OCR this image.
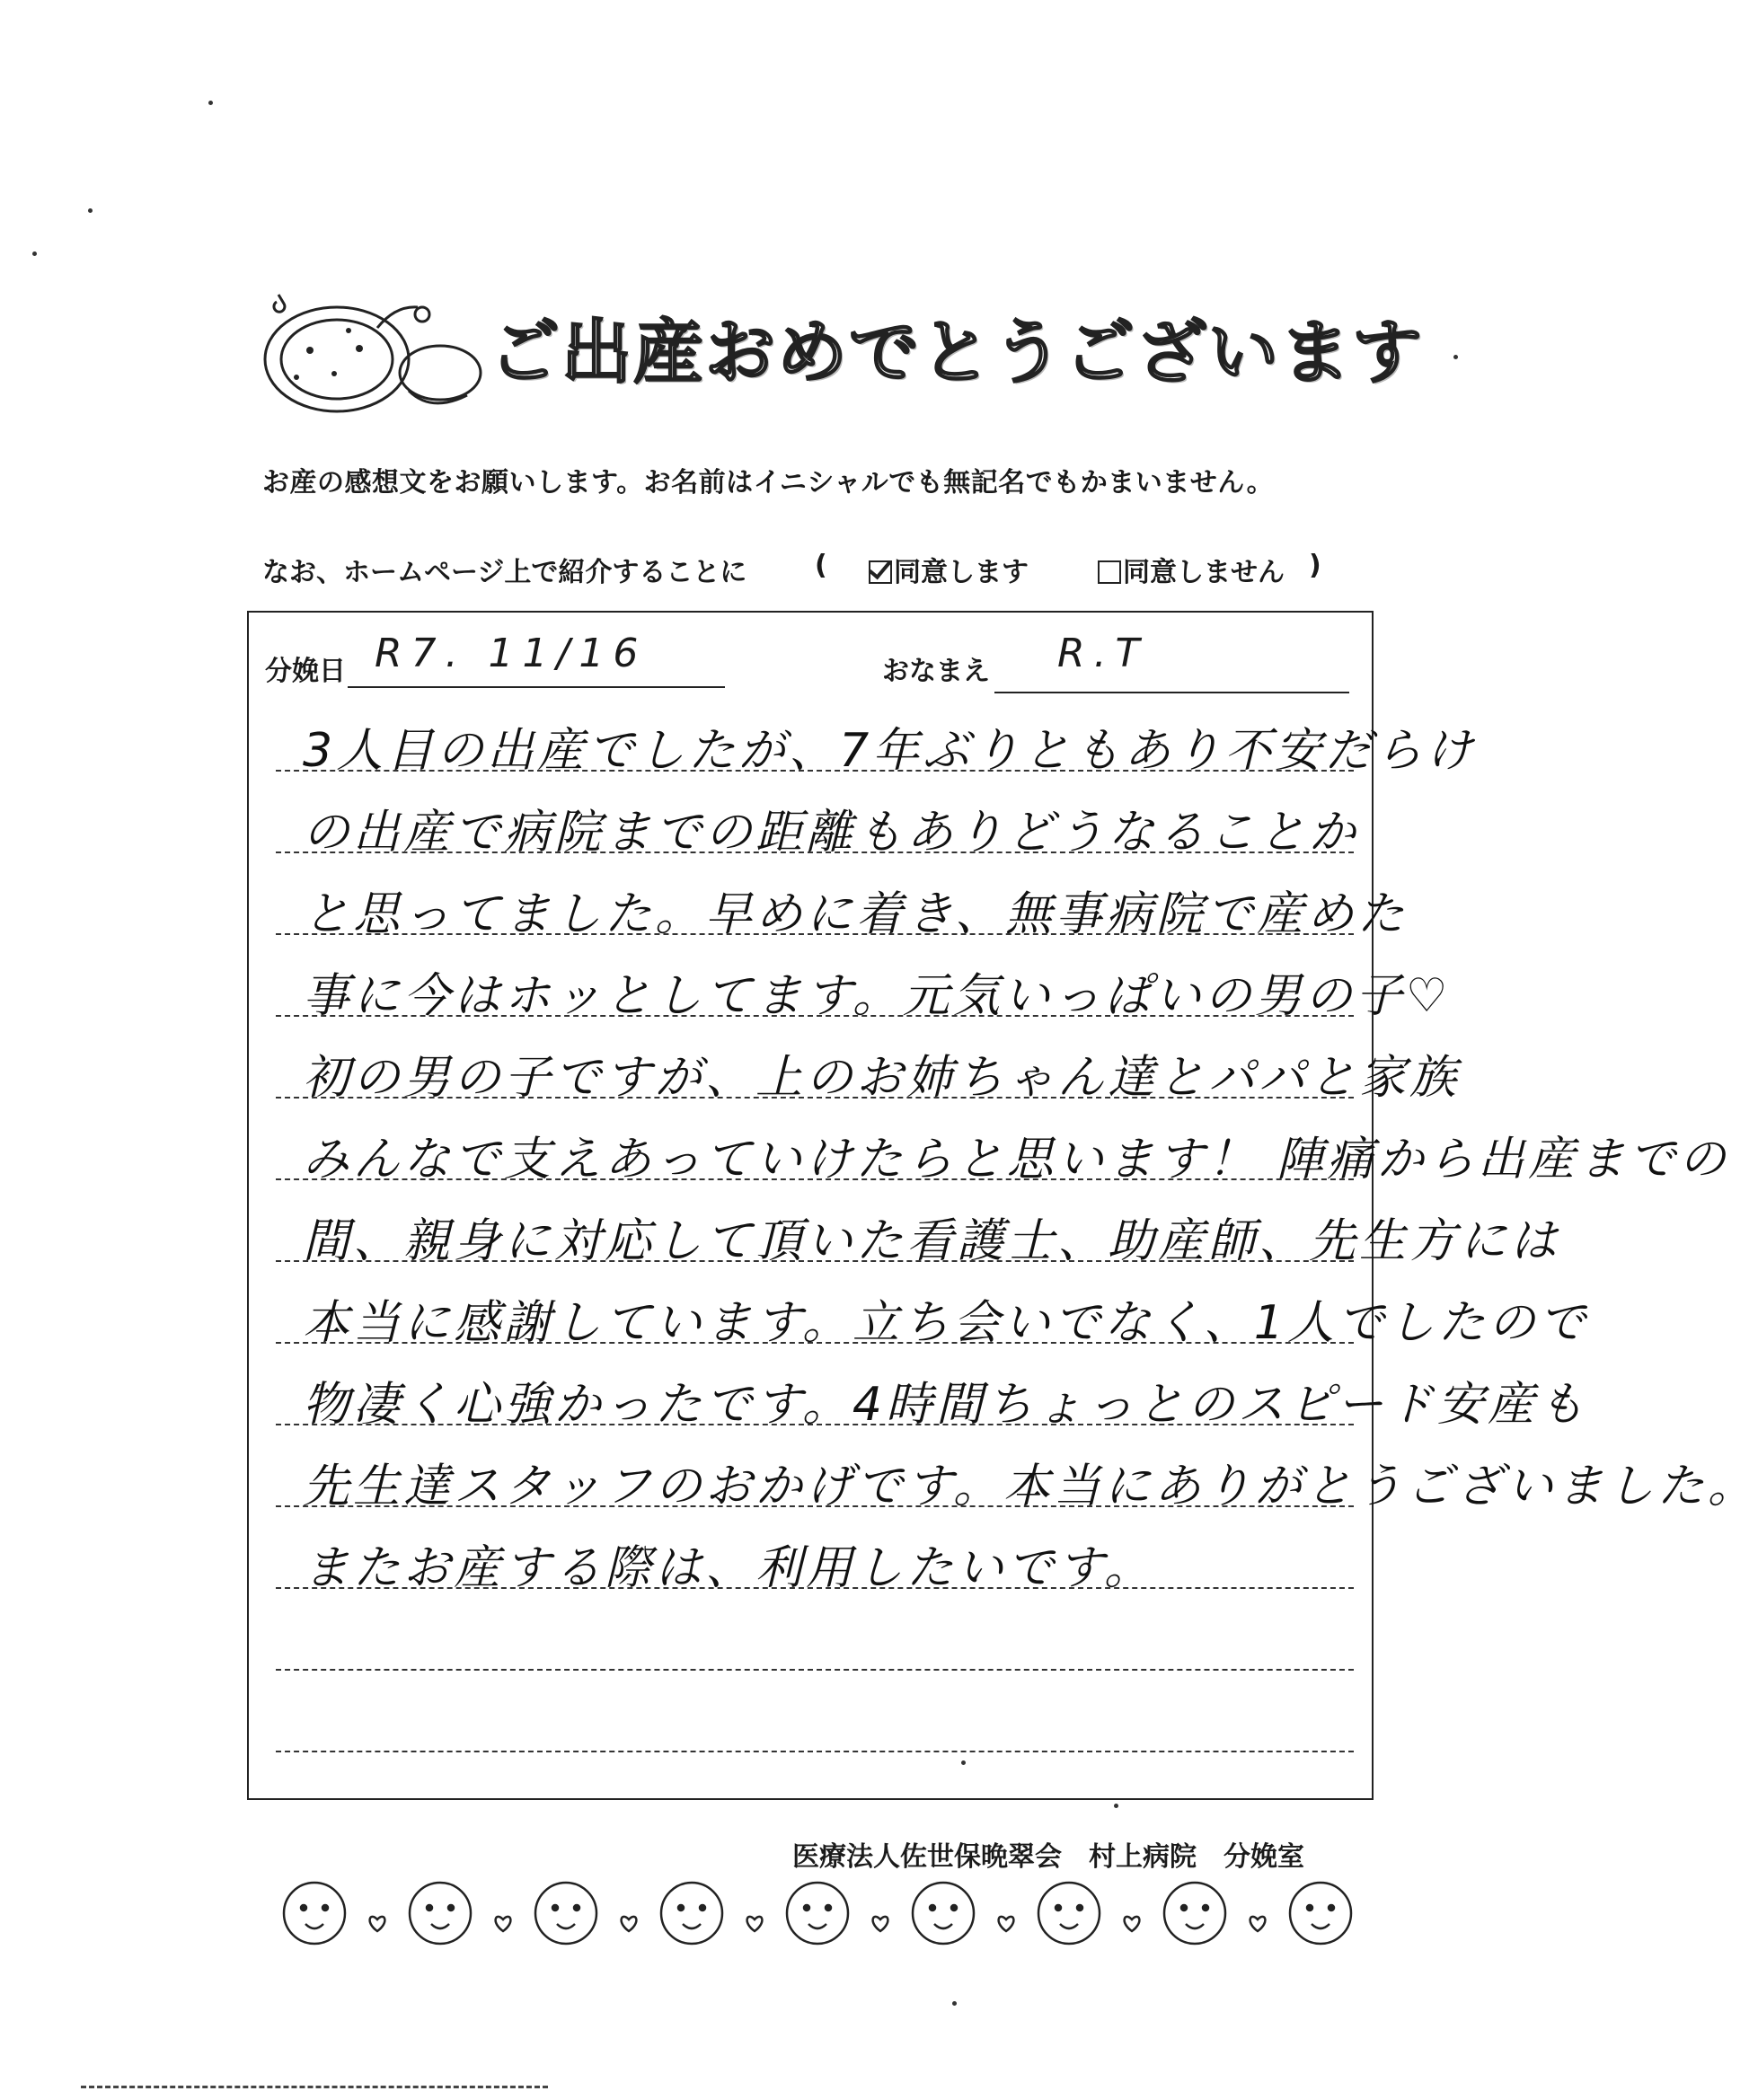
ご出産おめでとうございます
お産の感想文をお願いします。お名前はイニシャルでも無記名でもかまいません。
なお、ホームページ上で紹介することに	(	同意します	同意しません )
分娩日 R7. 11/16	おなまえ R.T
3人目の出産でしたが、7年ぶりともあり不安だらけ
の出産で病院までの距離もありどうなることか
と思ってました。早めに着き、無事病院で産めた
事に今はホッとしてます。元気いっぱいの男の子♡
初の男の子ですが、上のお姉ちゃん達とパパと家族
みんなで支えあっていけたらと思います！ 陣痛から出産までの
間、親身に対応して頂いた看護士、助産師、先生方には
本当に感謝しています。立ち会いでなく、1人でしたので
物凄く心強かったです。4時間ちょっとのスピード安産も
先生達スタッフのおかげです。本当にありがとうございました。
またお産する際は、利用したいです。
医療法人佐世保晩翠会　村上病院　分娩室
